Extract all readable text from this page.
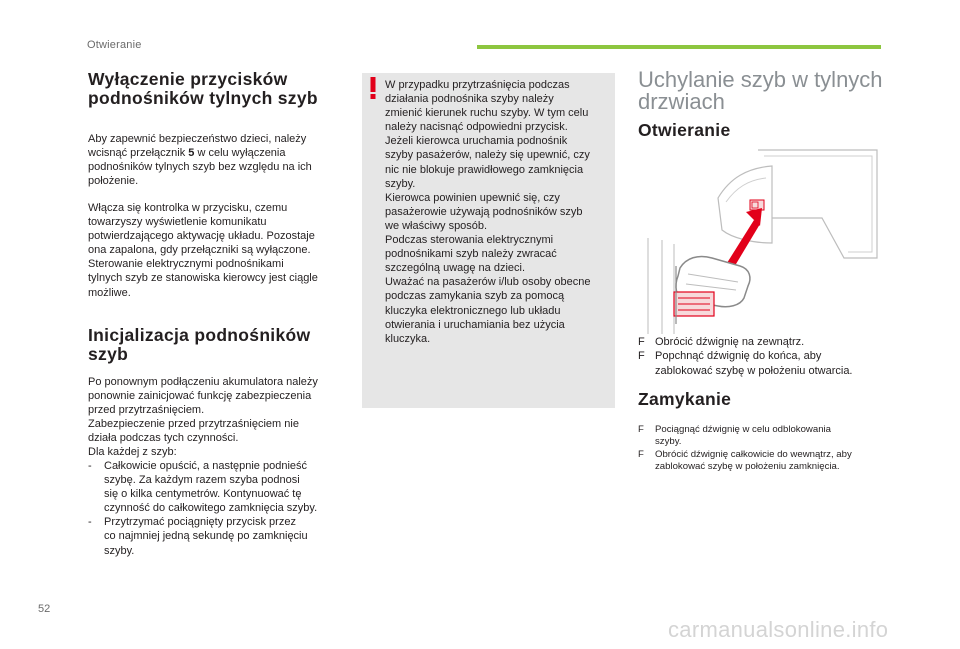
Otwieranie
Wyłączenie przycisków
podnośników tylnych szyb

Aby zapewnić bezpieczeństwo dzieci, należy
wcisnąć przełącznik 5 w celu wyłączenia
podnośników tylnych szyb bez względu na ich
położenie.

Włącza się kontrolka w przycisku, czemu
towarzyszy wyświetlenie komunikatu
potwierdzającego aktywację układu. Pozostaje
ona zapalona, gdy przełączniki są wyłączone.
Sterowanie elektrycznymi podnośnikami
tylnych szyb ze stanowiska kierowcy jest ciągle
możliwe.

Inicjalizacja podnośników
szyb

Po ponownym podłączeniu akumulatora należy
ponownie zainicjować funkcję zabezpieczenia
przed przytrzaśnięciem.
Zabezpieczenie przed przytrzaśnięciem nie
działa podczas tych czynności.
Dla każdej z szyb:

- Całkowicie opuścić, a następnie podnieść
szybę. Za każdym razem szyba podnosi
się o kilka centymetrów. Kontynuować tę
czynność do całkowitego zamknięcia szyby.
- Przytrzymać pociągnięty przycisk przez
co najmniej jedną sekundę po zamknięciu
szyby.
W przypadku przytrzaśnięcia podczas
działania podnośnika szyby należy
zmienić kierunek ruchu szyby. W tym celu
należy nacisnąć odpowiedni przycisk.
Jeżeli kierowca uruchamia podnośnik
szyby pasażerów, należy się upewnić, czy
nic nie blokuje prawidłowego zamknięcia
szyby.
Kierowca powinien upewnić się, czy
pasażerowie używają podnośników szyb
we właściwy sposób.
Podczas sterowania elektrycznymi
podnośnikami szyb należy zwracać
szczególną uwagę na dzieci.
Uważać na pasażerów i/lub osoby obecne
podczas zamykania szyb za pomocą
kluczyka elektronicznego lub układu
otwierania i uruchamiania bez użycia
kluczyka.
Uchylanie szyb w tylnych
drzwiach
Otwieranie
F Obrócić dźwignię na zewnątrz.
F Popchnąć dźwignię do końca, aby
zablokować szybę w położeniu otwarcia.
Zamykanie
F	Pociągnąć dźwignię w celu odblokowania
szyby.
F	Obrócić dźwignię całkowicie do wewnątrz, aby
zablokować szybę w położeniu zamknięcia.
52
carmanualsonline.info
